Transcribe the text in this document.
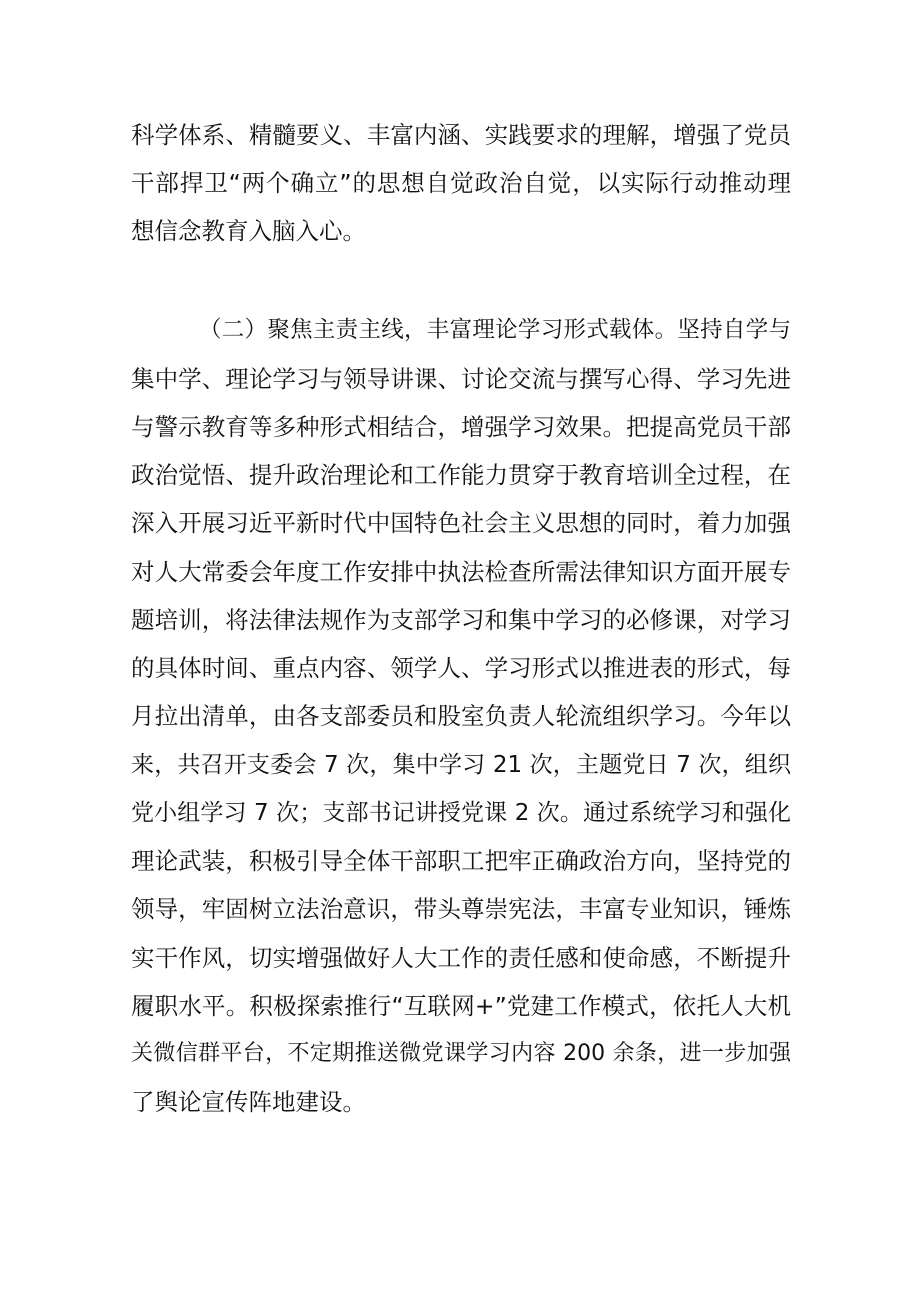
科学体系、精髓要义、丰富内涵、实践要求的理解，增强了党员
干部捍卫“两个确立”的思想自觉政治自觉，以实际行动推动理
想信念教育入脑入心。
（二）聚焦主责主线，丰富理论学习形式载体。坚持自学与
集中学、理论学习与领导讲课、讨论交流与撰写心得、学习先进
与警示教育等多种形式相结合，增强学习效果。把提高党员干部
政治觉悟、提升政治理论和工作能力贯穿于教育培训全过程，在
深入开展习近平新时代中国特色社会主义思想的同时，着力加强
对人大常委会年度工作安排中执法检查所需法律知识方面开展专
题培训，将法律法规作为支部学习和集中学习的必修课，对学习
的具体时间、重点内容、领学人、学习形式以推进表的形式，每
月拉出清单，由各支部委员和股室负责人轮流组织学习。今年以
来，共召开支委会 7 次，集中学习 21 次，主题党日 7 次，组织
党小组学习 7 次；支部书记讲授党课 2 次。通过系统学习和强化
理论武装，积极引导全体干部职工把牢正确政治方向，坚持党的
领导，牢固树立法治意识，带头尊崇宪法，丰富专业知识，锤炼
实干作风，切实增强做好人大工作的责任感和使命感，不断提升
履职水平。积极探索推行“互联网+”党建工作模式，依托人大机
关微信群平台，不定期推送微党课学习内容 200 余条，进一步加强
了舆论宣传阵地建设。
